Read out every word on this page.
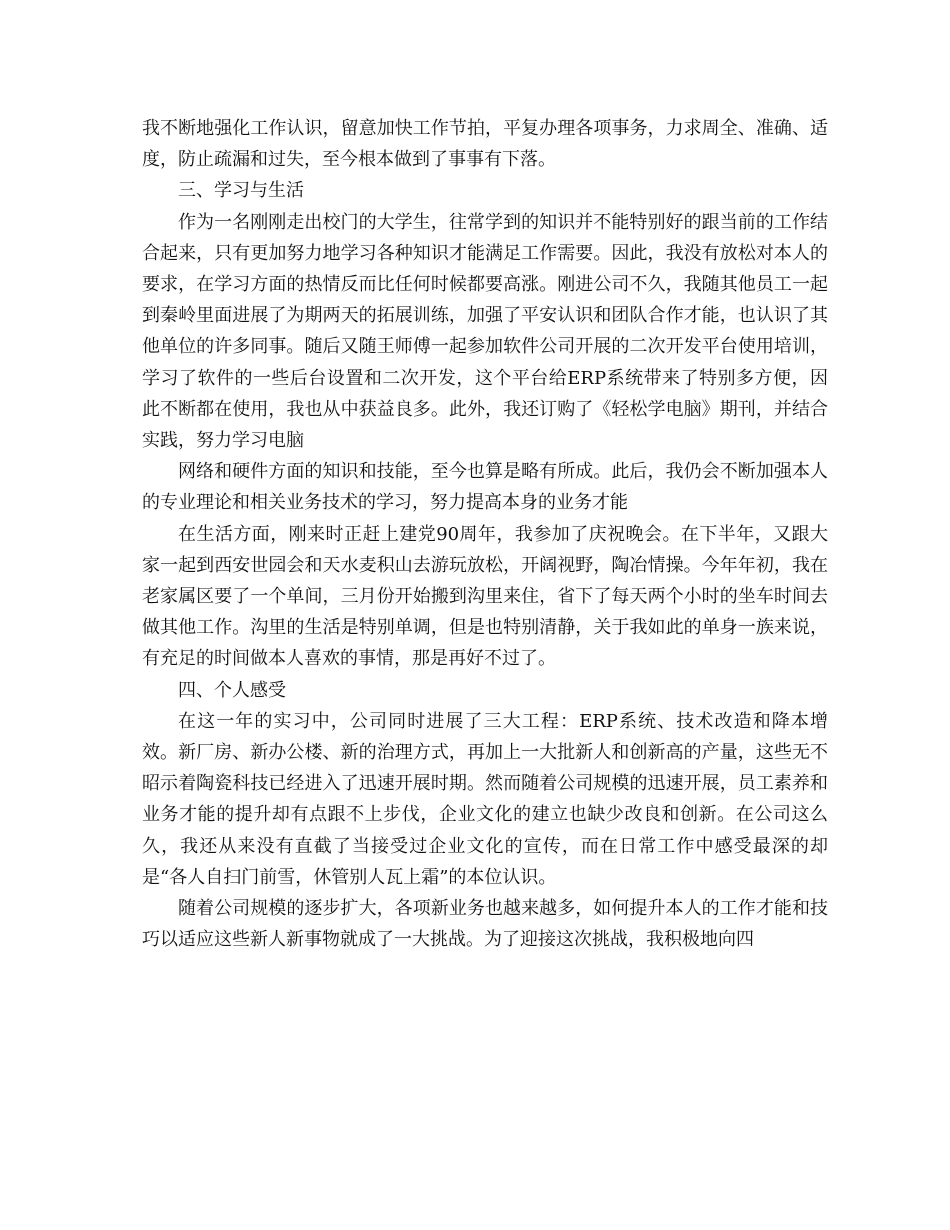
我不断地强化工作认识，留意加快工作节拍，平复办理各项事务，力求周全、准确、适度，防止疏漏和过失，至今根本做到了事事有下落。

三、学习与生活

作为一名刚刚走出校门的大学生，往常学到的知识并不能特别好的跟当前的工作结合起来，只有更加努力地学习各种知识才能满足工作需要。因此，我没有放松对本人的要求，在学习方面的热情反而比任何时候都要高涨。刚进公司不久，我随其他员工一起到秦岭里面进展了为期两天的拓展训练，加强了平安认识和团队合作才能，也认识了其他单位的许多同事。随后又随王师傅一起参加软件公司开展的二次开发平台使用培训，学习了软件的一些后台设置和二次开发，这个平台给ERP系统带来了特别多方便，因此不断都在使用，我也从中获益良多。此外，我还订购了《轻松学电脑》期刊，并结合实践，努力学习电脑

网络和硬件方面的知识和技能，至今也算是略有所成。此后，我仍会不断加强本人的专业理论和相关业务技术的学习，努力提高本身的业务才能

在生活方面，刚来时正赶上建党90周年，我参加了庆祝晚会。在下半年，又跟大家一起到西安世园会和天水麦积山去游玩放松，开阔视野，陶冶情操。今年年初，我在老家属区要了一个单间，三月份开始搬到沟里来住，省下了每天两个小时的坐车时间去做其他工作。沟里的生活是特别单调，但是也特别清静，关于我如此的单身一族来说，有充足的时间做本人喜欢的事情，那是再好不过了。

四、个人感受

在这一年的实习中，公司同时进展了三大工程：ERP系统、技术改造和降本增效。新厂房、新办公楼、新的治理方式，再加上一大批新人和创新高的产量，这些无不昭示着陶瓷科技已经进入了迅速开展时期。然而随着公司规模的迅速开展，员工素养和业务才能的提升却有点跟不上步伐，企业文化的建立也缺少改良和创新。在公司这么久，我还从来没有直截了当接受过企业文化的宣传，而在日常工作中感受最深的却是“各人自扫门前雪，休管别人瓦上霜”的本位认识。

随着公司规模的逐步扩大，各项新业务也越来越多，如何提升本人的工作才能和技巧以适应这些新人新事物就成了一大挑战。为了迎接这次挑战，我积极地向四
